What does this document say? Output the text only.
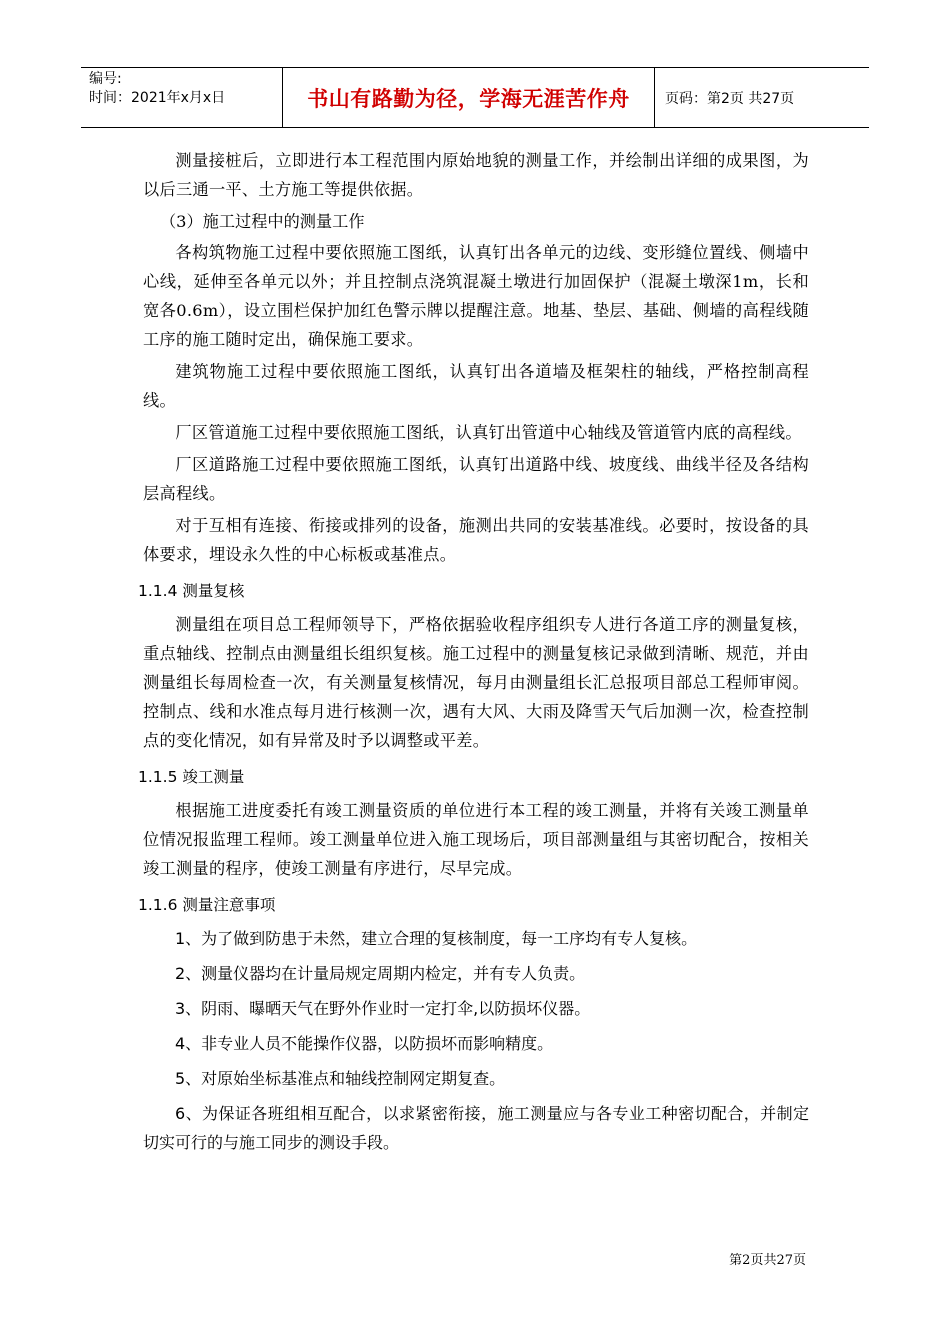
编号:
时间：2021年x月x日	书山有路勤为径，学海无涯苦作舟	页码：第2页 共27页

测量接桩后，立即进行本工程范围内原始地貌的测量工作，并绘制出详细的成果图，为以后三通一平、土方施工等提供依据。

（3）施工过程中的测量工作

各构筑物施工过程中要依照施工图纸，认真钉出各单元的边线、变形缝位置线、侧墙中心线，延伸至各单元以外；并且控制点浇筑混凝土墩进行加固保护（混凝土墩深1m，长和宽各0.6m），设立围栏保护加红色警示牌以提醒注意。地基、垫层、基础、侧墙的高程线随工序的施工随时定出，确保施工要求。

建筑物施工过程中要依照施工图纸，认真钉出各道墙及框架柱的轴线，严格控制高程线。

厂区管道施工过程中要依照施工图纸，认真钉出管道中心轴线及管道管内底的高程线。

厂区道路施工过程中要依照施工图纸，认真钉出道路中线、坡度线、曲线半径及各结构层高程线。

对于互相有连接、衔接或排列的设备，施测出共同的安装基准线。必要时，按设备的具体要求，埋设永久性的中心标板或基准点。

1.1.4 测量复核

测量组在项目总工程师领导下，严格依据验收程序组织专人进行各道工序的测量复核，重点轴线、控制点由测量组长组织复核。施工过程中的测量复核记录做到清晰、规范，并由测量组长每周检查一次，有关测量复核情况，每月由测量组长汇总报项目部总工程师审阅。控制点、线和水准点每月进行核测一次，遇有大风、大雨及降雪天气后加测一次，检查控制点的变化情况，如有异常及时予以调整或平差。

1.1.5 竣工测量

根据施工进度委托有竣工测量资质的单位进行本工程的竣工测量，并将有关竣工测量单位情况报监理工程师。竣工测量单位进入施工现场后，项目部测量组与其密切配合，按相关竣工测量的程序，使竣工测量有序进行，尽早完成。

1.1.6 测量注意事项

1、为了做到防患于未然，建立合理的复核制度，每一工序均有专人复核。

2、测量仪器均在计量局规定周期内检定，并有专人负责。

3、阴雨、曝晒天气在野外作业时一定打伞,以防损坏仪器。

4、非专业人员不能操作仪器，以防损坏而影响精度。

5、对原始坐标基准点和轴线控制网定期复查。

6、为保证各班组相互配合，以求紧密衔接，施工测量应与各专业工种密切配合，并制定切实可行的与施工同步的测设手段。

第2页共27页
